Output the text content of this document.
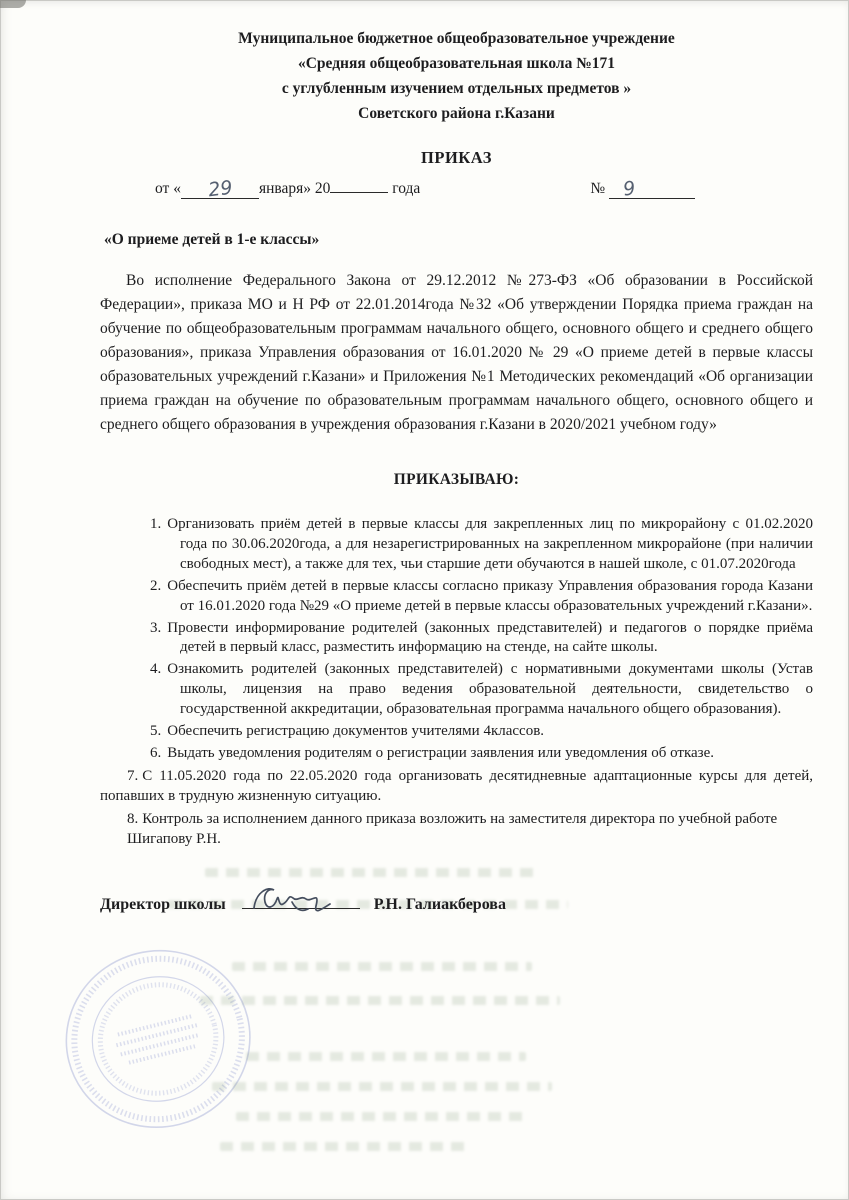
Муниципальное бюджетное общеобразовательное учреждение
«Средняя общеобразовательная школа №171
с углубленным изучением отдельных предметов »
Советского района г.Казани
ПРИКАЗ
от « 29 января» 20	года	№ 9
«О приеме детей в 1-е классы»
Во исполнение Федерального Закона от 29.12.2012 №273-ФЗ «Об образовании в Российской Федерации», приказа МО и Н РФ от 22.01.2014года №32 «Об утверждении Порядка приема граждан на обучение по общеобразовательным программам начального общего, основного общего и среднего общего образования», приказа Управления образования от 16.01.2020 № 29 «О приеме детей в первые классы образовательных учреждений г.Казани» и Приложения №1 Методических рекомендаций «Об организации приема граждан на обучение по образовательным программам начального общего, основного общего и среднего общего образования в учреждения образования г.Казани в 2020/2021 учебном году»
ПРИКАЗЫВАЮ:
1. Организовать приём детей в первые классы для закрепленных лиц по микрорайону с 01.02.2020 года по 30.06.2020года, а для незарегистрированных на закрепленном микрорайоне (при наличии свободных мест), а также для тех, чьи старшие дети обучаются в нашей школе, с 01.07.2020года
2. Обеспечить приём детей в первые классы согласно приказу Управления образования города Казани от 16.01.2020 года №29 «О приеме детей в первые классы образовательных учреждений г.Казани».
3. Провести информирование родителей (законных представителей) и педагогов о порядке приёма детей в первый класс, разместить информацию на стенде, на сайте школы.
4. Ознакомить родителей (законных представителей) с нормативными документами школы (Устав школы, лицензия на право ведения образовательной деятельности, свидетельство о государственной аккредитации, образовательная программа начального общего образования).
5. Обеспечить регистрацию документов учителями 4классов.
6. Выдать уведомления родителям о регистрации заявления или уведомления об отказе.
7. С 11.05.2020 года по 22.05.2020 года организовать десятидневные адаптационные курсы для детей, попавших в трудную жизненную ситуацию.
8. Контроль за исполнением данного приказа возложить на заместителя директора по учебной работе Шигапову Р.Н.
Директор школы	Р.Н. Галиакберова
